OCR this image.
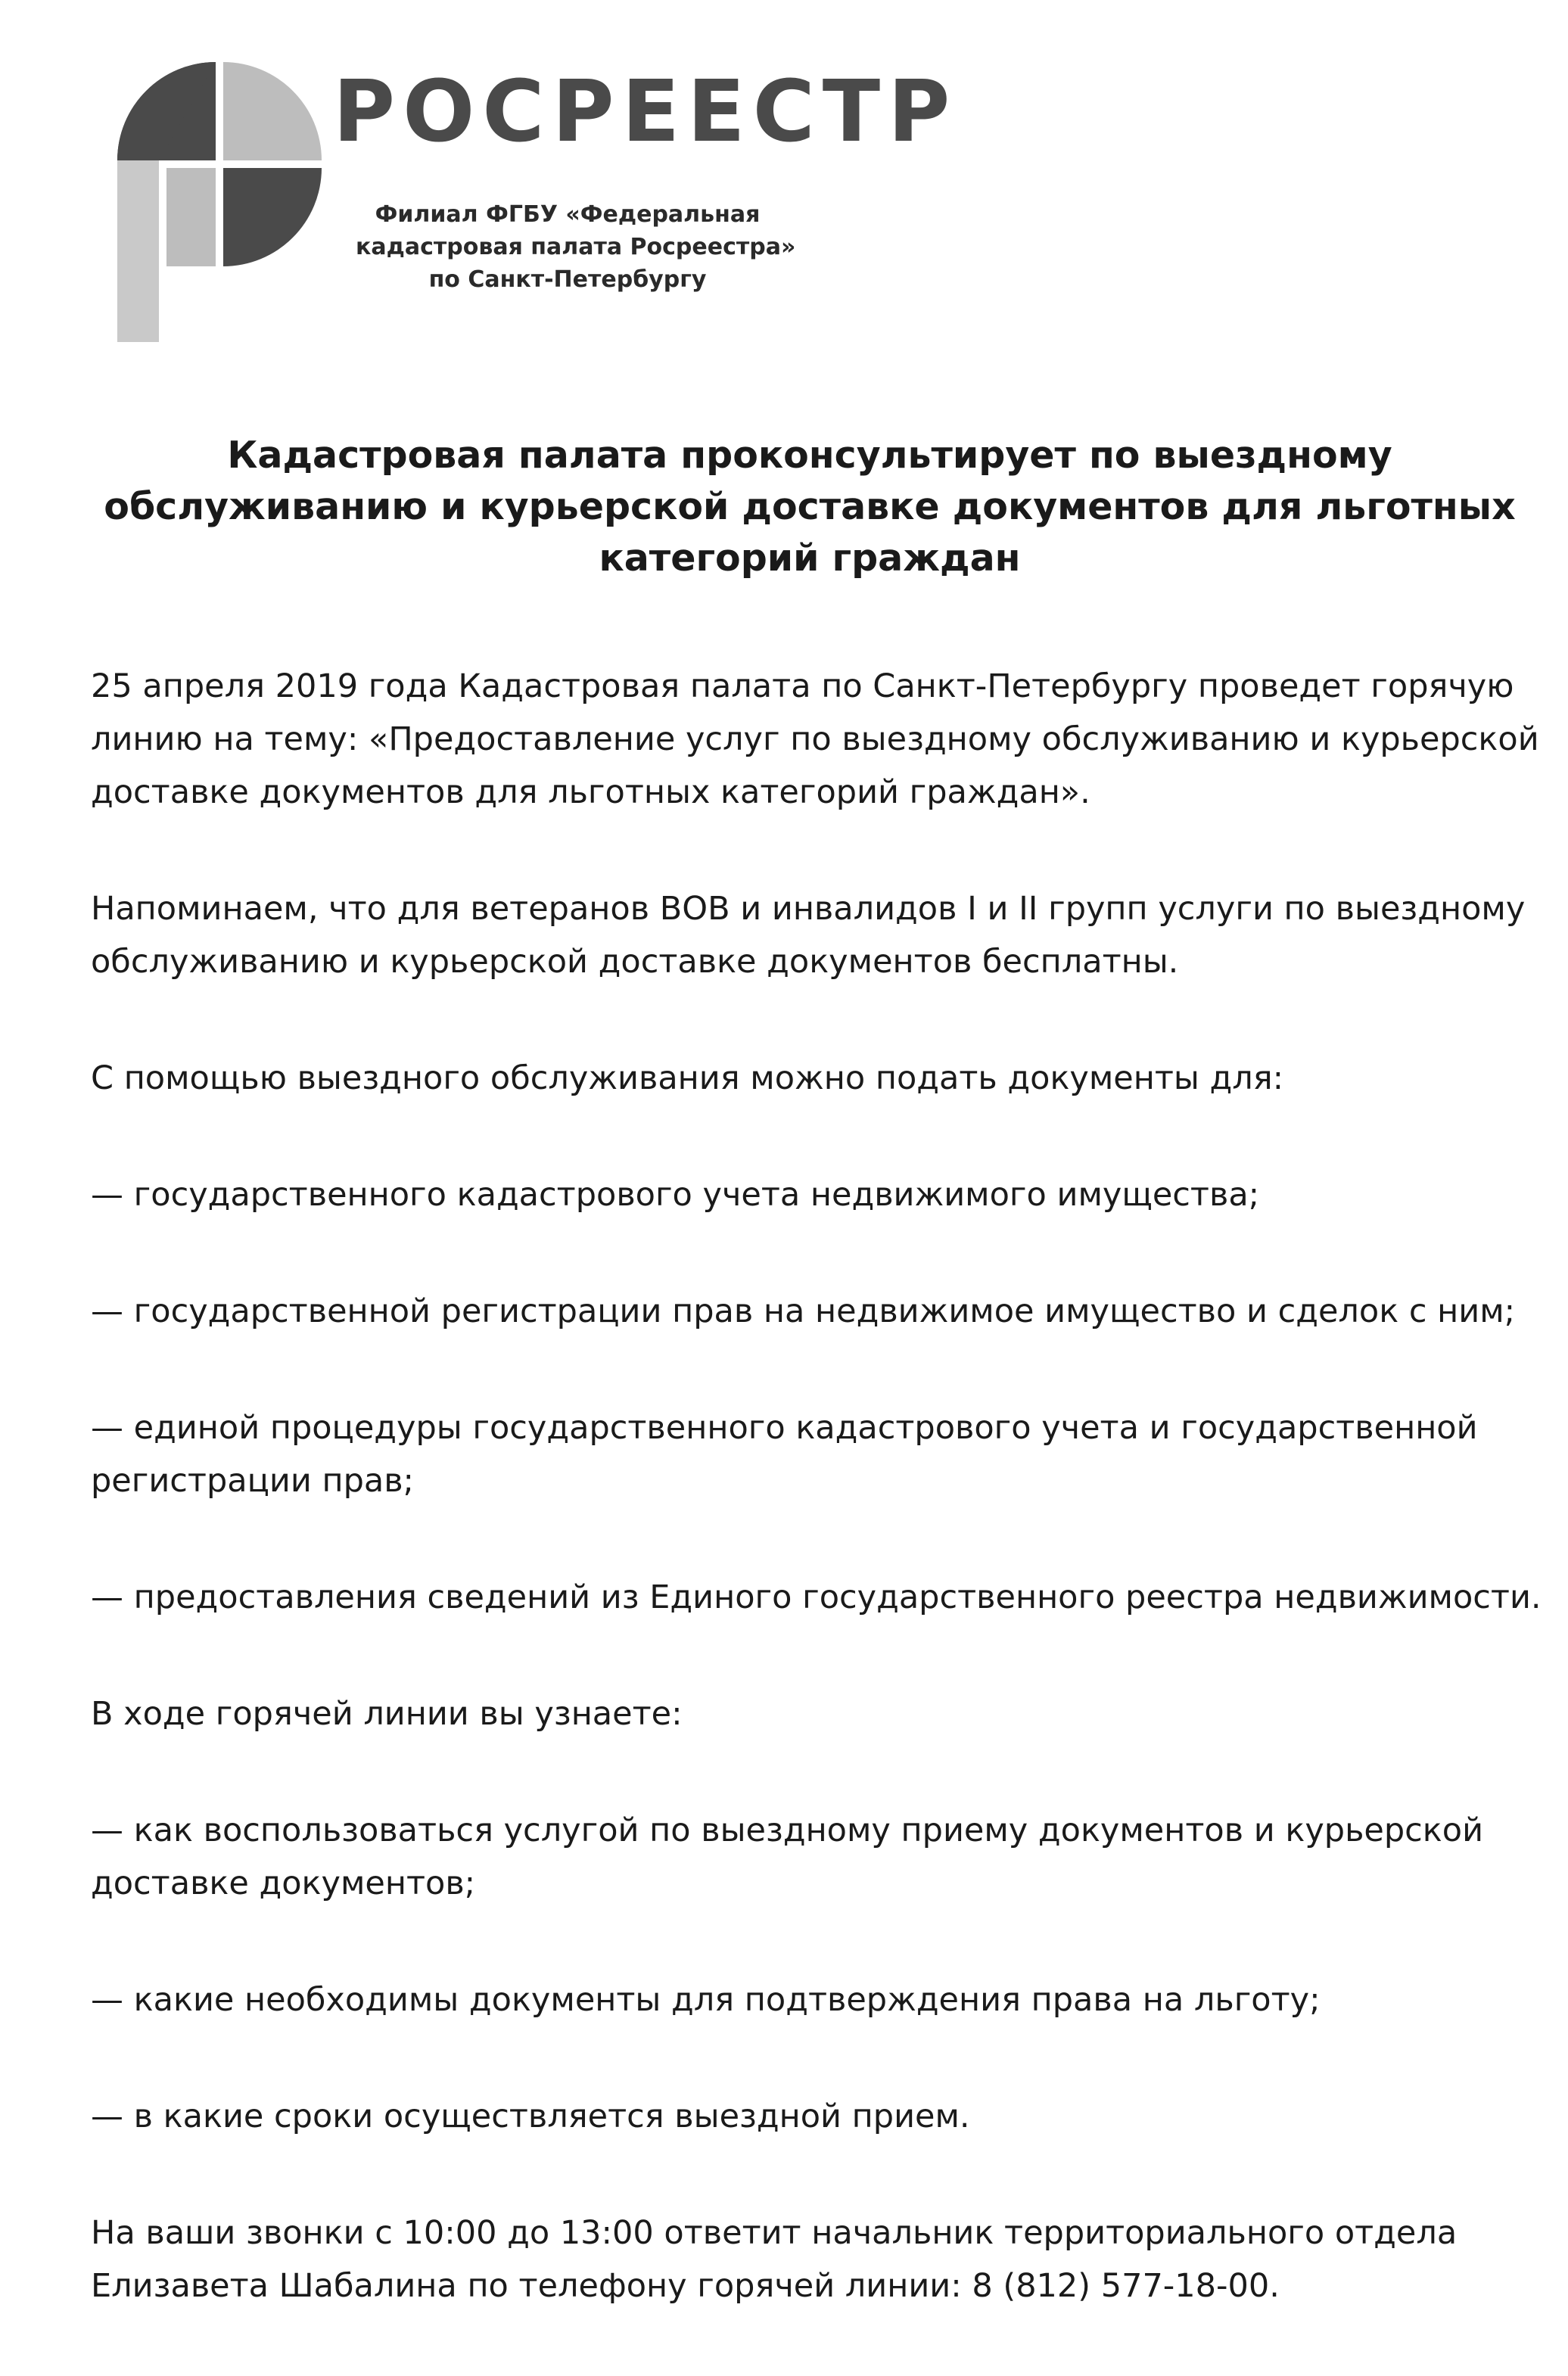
РОСРЕЕСТР
Филиал ФГБУ «Федеральная
кадастровая палата Росреестра»
по Санкт-Петербургу
Кадастровая палата проконсультирует по выездному
обслуживанию и курьерской доставке документов для льготных
категорий граждан

25 апреля 2019 года Кадастровая палата по Санкт-Петербургу проведет горячую
линию на тему: «Предоставление услуг по выездному обслуживанию и курьерской
доставке документов для льготных категорий граждан».

Напоминаем, что для ветеранов ВОВ и инвалидов I и II групп услуги по выездному
обслуживанию и курьерской доставке документов бесплатны.

С помощью выездного обслуживания можно подать документы для:

— государственного кадастрового учета недвижимого имущества;

— государственной регистрации прав на недвижимое имущество и сделок с ним;

— единой процедуры государственного кадастрового учета и государственной
регистрации прав;

— предоставления сведений из Единого государственного реестра недвижимости.

В ходе горячей линии вы узнаете:

— как воспользоваться услугой по выездному приему документов и курьерской
доставке документов;

— какие необходимы документы для подтверждения права на льготу;

— в какие сроки осуществляется выездной прием.

На ваши звонки с 10:00 до 13:00 ответит начальник территориального отдела
Елизавета Шабалина по телефону горячей линии: 8 (812) 577-18-00.
